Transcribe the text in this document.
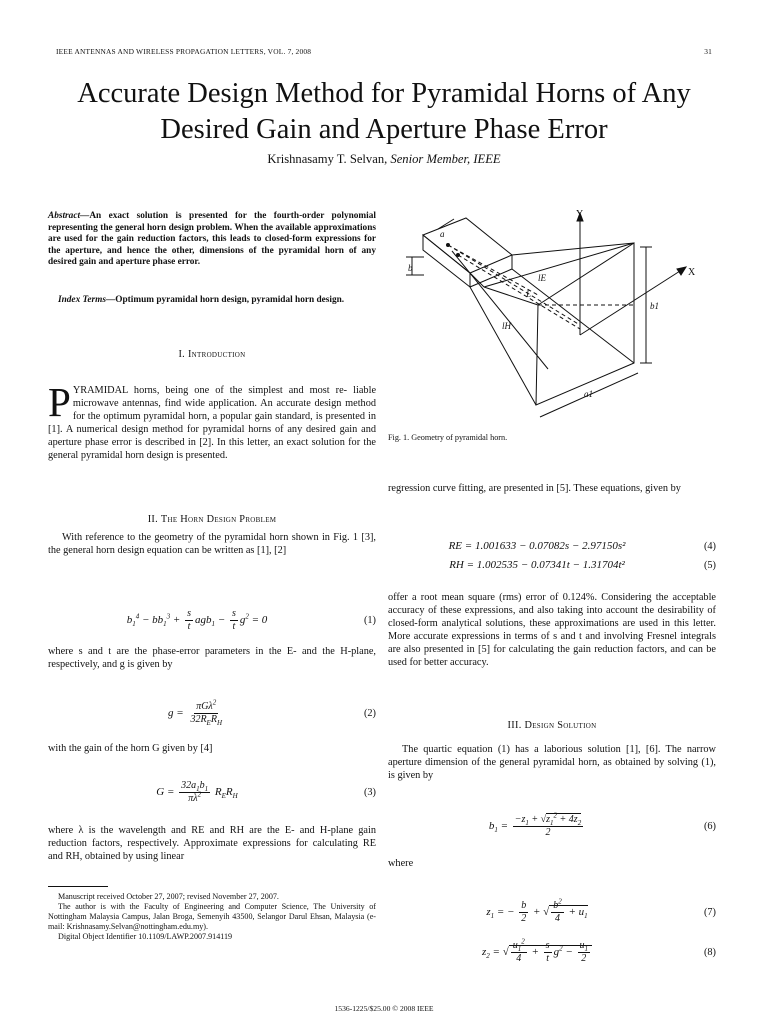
IEEE ANTENNAS AND WIRELESS PROPAGATION LETTERS, VOL. 7, 2008	31
Accurate Design Method for Pyramidal Horns of Any Desired Gain and Aperture Phase Error
Krishnasamy T. Selvan, Senior Member, IEEE
Abstract—An exact solution is presented for the fourth-order polynomial representing the general horn design problem. When the available approximations are used for the gain reduction factors, this leads to closed-form expressions for the aperture, and hence the other, dimensions of the pyramidal horn of any desired gain and aperture phase error.
Index Terms—Optimum pyramidal horn design, pyramidal horn design.
I. Introduction

PYRAMIDAL horns, being one of the simplest and most re- liable microwave antennas, find wide application. An accurate design method for the optimum pyramidal horn, a popular gain standard, is presented in [1]. A numerical design method for pyramidal horns of any desired gain and aperture phase error is described in [2]. In this letter, an exact solution for the general pyramidal horn design is presented.

II. The Horn Design Problem

With reference to the geometry of the pyramidal horn shown in Fig. 1 [3], the general horn design equation can be written as [1], [2]

$b_1^4 - bb_1^3 + \frac{s}{t} agb_1 - \frac{s}{t} g^2 = 0$	(1)

where s and t are the phase-error parameters in the E- and the H-plane, respectively, and g is given by

$g = \frac{\pi G\lambda^2}{32R_ER_H}$	(2)

with the gain of the horn G given by [4]

$G = \frac{32a_1b_1}{\pi\lambda^2} R_ER_H$	(3)

where λ is the wavelength and RE and RH are the E- and H-plane gain reduction factors, respectively. Approximate expressions for calculating RE and RH, obtained by using linear

Manuscript received October 27, 2007; revised November 27, 2007.

The author is with the Faculty of Engineering and Computer Science, The University of Nottingham Malaysia Campus, Jalan Broga, Semenyih 43500, Selangor Darul Ehsan, Malaysia (e-mail: Krishnasamy.Selvan@nottingham.edu.my).

Digital Object Identifier 10.1109/LAWP.2007.914119

1536-1225/$25.00 © 2008 IEEE
Y
X
a
b
b1
a1
lE
L
lH
Fig. 1. Geometry of pyramidal horn.

regression curve fitting, are presented in [5]. These equations, given by

RE = 1.001633 − 0.07082s − 2.97150s²	(4)
RH = 1.002535 − 0.07341t − 1.31704t²	(5)

offer a root mean square (rms) error of 0.124%. Considering the acceptable accuracy of these expressions, and also taking into account the desirability of closed-form analytical solutions, these approximations are used in this letter. More accurate expressions in terms of s and t and involving Fresnel integrals are also presented in [5] for calculating the gain reduction factors, and can be used for better accuracy.

III. Design Solution

The quartic equation (1) has a laborious solution [1], [6]. The narrow aperture dimension of the general pyramidal horn, as obtained by solving (1), is given by

$b_1 = \frac{-z_1 + √z_1^2 + 4z_2}{2}$	(6)

where

$z_1$ = − $\frac{b}{2}$ + √ $\frac{b^2}{4} + u_1$	(7)
$z_2$ = √ $\frac{u_1^2}{4} + \frac{s}{t} g^2 - \frac{u_1}{2}$	(8)
